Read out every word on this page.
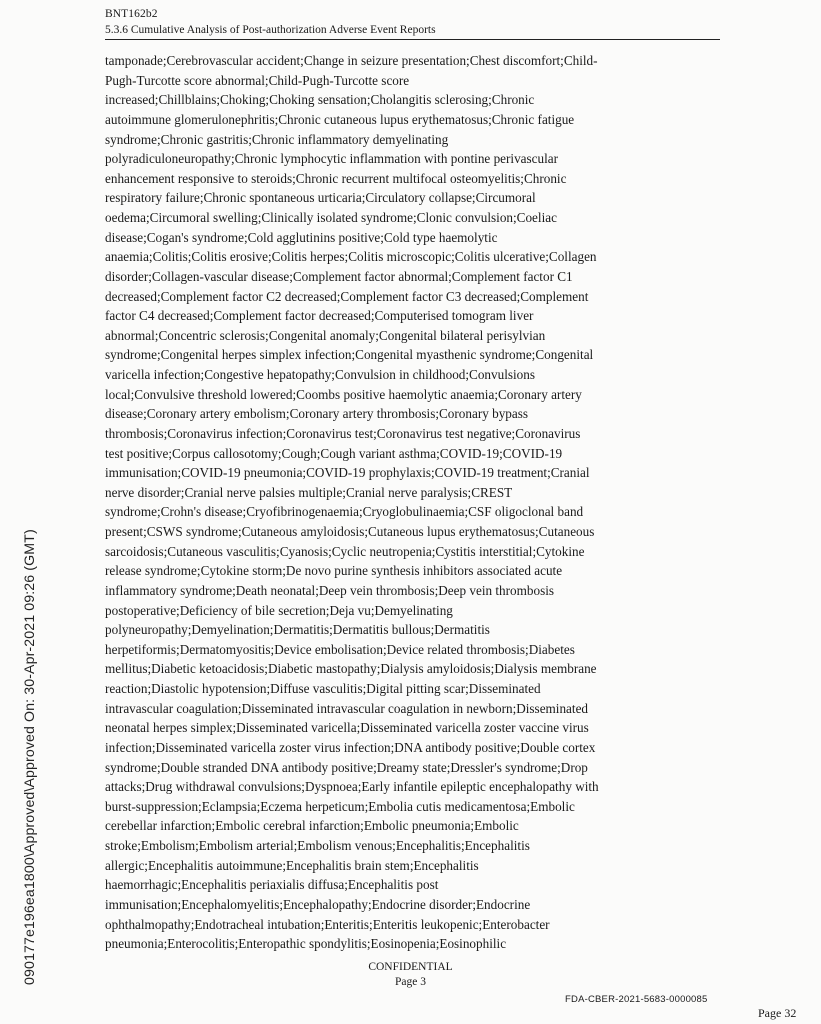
BNT162b2
5.3.6 Cumulative Analysis of Post-authorization Adverse Event Reports
tamponade;Cerebrovascular accident;Change in seizure presentation;Chest discomfort;Child-
Pugh-Turcotte score abnormal;Child-Pugh-Turcotte score
increased;Chillblains;Choking;Choking sensation;Cholangitis sclerosing;Chronic
autoimmune glomerulonephritis;Chronic cutaneous lupus erythematosus;Chronic fatigue
syndrome;Chronic gastritis;Chronic inflammatory demyelinating
polyradiculoneuropathy;Chronic lymphocytic inflammation with pontine perivascular
enhancement responsive to steroids;Chronic recurrent multifocal osteomyelitis;Chronic
respiratory failure;Chronic spontaneous urticaria;Circulatory collapse;Circumoral
oedema;Circumoral swelling;Clinically isolated syndrome;Clonic convulsion;Coeliac
disease;Cogan's syndrome;Cold agglutinins positive;Cold type haemolytic
anaemia;Colitis;Colitis erosive;Colitis herpes;Colitis microscopic;Colitis ulcerative;Collagen
disorder;Collagen-vascular disease;Complement factor abnormal;Complement factor C1
decreased;Complement factor C2 decreased;Complement factor C3 decreased;Complement
factor C4 decreased;Complement factor decreased;Computerised tomogram liver
abnormal;Concentric sclerosis;Congenital anomaly;Congenital bilateral perisylvian
syndrome;Congenital herpes simplex infection;Congenital myasthenic syndrome;Congenital
varicella infection;Congestive hepatopathy;Convulsion in childhood;Convulsions
local;Convulsive threshold lowered;Coombs positive haemolytic anaemia;Coronary artery
disease;Coronary artery embolism;Coronary artery thrombosis;Coronary bypass
thrombosis;Coronavirus infection;Coronavirus test;Coronavirus test negative;Coronavirus
test positive;Corpus callosotomy;Cough;Cough variant asthma;COVID-19;COVID-19
immunisation;COVID-19 pneumonia;COVID-19 prophylaxis;COVID-19 treatment;Cranial
nerve disorder;Cranial nerve palsies multiple;Cranial nerve paralysis;CREST
syndrome;Crohn's disease;Cryofibrinogenaemia;Cryoglobulinaemia;CSF oligoclonal band
present;CSWS syndrome;Cutaneous amyloidosis;Cutaneous lupus erythematosus;Cutaneous
sarcoidosis;Cutaneous vasculitis;Cyanosis;Cyclic neutropenia;Cystitis interstitial;Cytokine
release syndrome;Cytokine storm;De novo purine synthesis inhibitors associated acute
inflammatory syndrome;Death neonatal;Deep vein thrombosis;Deep vein thrombosis
postoperative;Deficiency of bile secretion;Deja vu;Demyelinating
polyneuropathy;Demyelination;Dermatitis;Dermatitis bullous;Dermatitis
herpetiformis;Dermatomyositis;Device embolisation;Device related thrombosis;Diabetes
mellitus;Diabetic ketoacidosis;Diabetic mastopathy;Dialysis amyloidosis;Dialysis membrane
reaction;Diastolic hypotension;Diffuse vasculitis;Digital pitting scar;Disseminated
intravascular coagulation;Disseminated intravascular coagulation in newborn;Disseminated
neonatal herpes simplex;Disseminated varicella;Disseminated varicella zoster vaccine virus
infection;Disseminated varicella zoster virus infection;DNA antibody positive;Double cortex
syndrome;Double stranded DNA antibody positive;Dreamy state;Dressler's syndrome;Drop
attacks;Drug withdrawal convulsions;Dyspnoea;Early infantile epileptic encephalopathy with
burst-suppression;Eclampsia;Eczema herpeticum;Embolia cutis medicamentosa;Embolic
cerebellar infarction;Embolic cerebral infarction;Embolic pneumonia;Embolic
stroke;Embolism;Embolism arterial;Embolism venous;Encephalitis;Encephalitis
allergic;Encephalitis autoimmune;Encephalitis brain stem;Encephalitis
haemorrhagic;Encephalitis periaxialis diffusa;Encephalitis post
immunisation;Encephalomyelitis;Encephalopathy;Endocrine disorder;Endocrine
ophthalmopathy;Endotracheal intubation;Enteritis;Enteritis leukopenic;Enterobacter
pneumonia;Enterocolitis;Enteropathic spondylitis;Eosinopenia;Eosinophilic
090177e196ea1800\Approved\Approved On: 30-Apr-2021 09:26 (GMT)	CONFIDENTIAL
Page 3
FDA-CBER-2021-5683-0000085
Page 32
